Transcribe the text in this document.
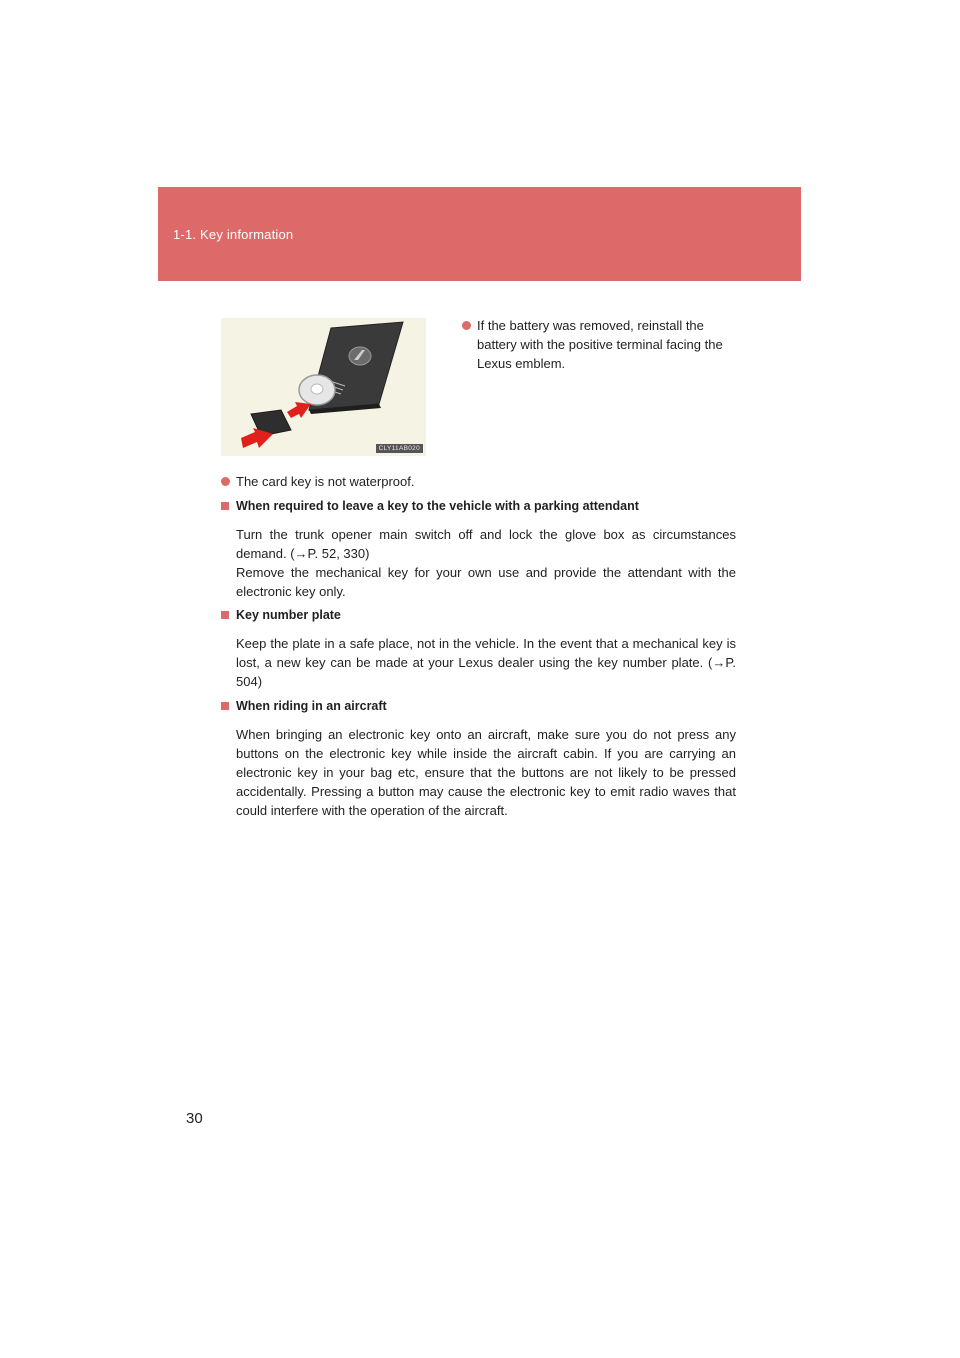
1-1. Key information
CLY11AB020
If the battery was removed, reinstall the battery with the positive terminal facing the Lexus emblem.
The card key is not waterproof.
When required to leave a key to the vehicle with a parking attendant
Turn the trunk opener main switch off and lock the glove box as circumstances demand. (→P. 52, 330)
Remove the mechanical key for your own use and provide the attendant with the electronic key only.
Key number plate
Keep the plate in a safe place, not in the vehicle. In the event that a mechanical key is lost, a new key can be made at your Lexus dealer using the key number plate. (→P. 504)
When riding in an aircraft
When bringing an electronic key onto an aircraft, make sure you do not press any buttons on the electronic key while inside the aircraft cabin. If you are carrying an electronic key in your bag etc, ensure that the buttons are not likely to be pressed accidentally. Pressing a button may cause the electronic key to emit radio waves that could interfere with the operation of the aircraft.
30
